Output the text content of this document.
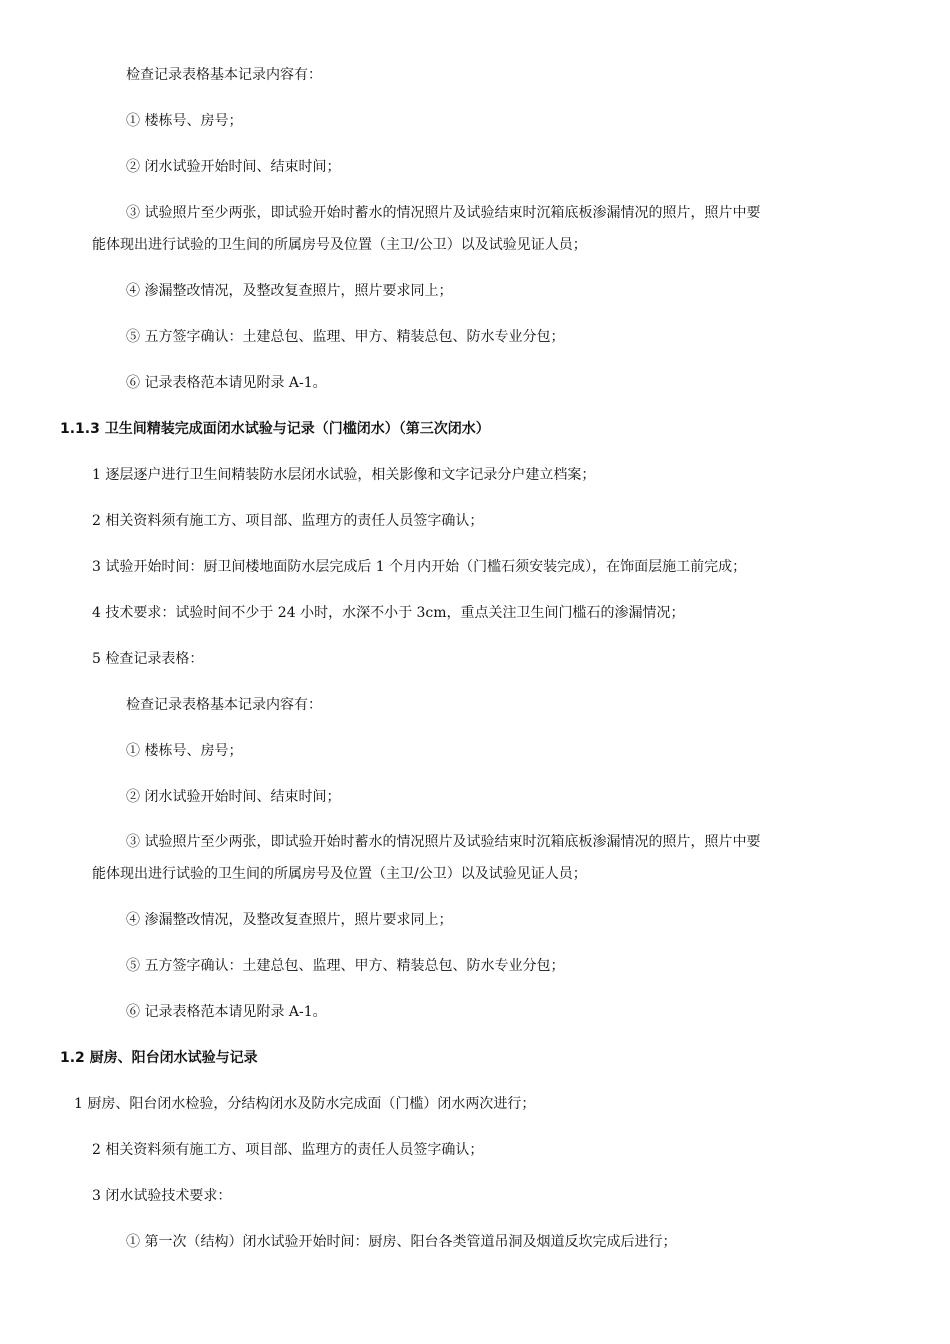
检查记录表格基本记录内容有：
① 楼栋号、房号；
② 闭水试验开始时间、结束时间；
③ 试验照片至少两张，即试验开始时蓄水的情况照片及试验结束时沉箱底板渗漏情况的照片，照片中要
能体现出进行试验的卫生间的所属房号及位置（主卫/公卫）以及试验见证人员；
④ 渗漏整改情况，及整改复查照片，照片要求同上；
⑤ 五方签字确认：土建总包、监理、甲方、精装总包、防水专业分包；
⑥ 记录表格范本请见附录 A-1。
1.1.3 卫生间精装完成面闭水试验与记录（门槛闭水）（第三次闭水）
1 逐层逐户进行卫生间精装防水层闭水试验，相关影像和文字记录分户建立档案；
2 相关资料须有施工方、项目部、监理方的责任人员签字确认；
3 试验开始时间：厨卫间楼地面防水层完成后 1 个月内开始（门槛石须安装完成），在饰面层施工前完成；
4 技术要求：试验时间不少于 24 小时，水深不小于 3cm，重点关注卫生间门槛石的渗漏情况；
5 检查记录表格：
检查记录表格基本记录内容有：
① 楼栋号、房号；
② 闭水试验开始时间、结束时间；
③ 试验照片至少两张，即试验开始时蓄水的情况照片及试验结束时沉箱底板渗漏情况的照片，照片中要
能体现出进行试验的卫生间的所属房号及位置（主卫/公卫）以及试验见证人员；
④ 渗漏整改情况，及整改复查照片，照片要求同上；
⑤ 五方签字确认：土建总包、监理、甲方、精装总包、防水专业分包；
⑥ 记录表格范本请见附录 A-1。
1.2 厨房、阳台闭水试验与记录
1 厨房、阳台闭水检验，分结构闭水及防水完成面（门槛）闭水两次进行；
2 相关资料须有施工方、项目部、监理方的责任人员签字确认；
3 闭水试验技术要求：
① 第一次（结构）闭水试验开始时间：厨房、阳台各类管道吊洞及烟道反坎完成后进行；
